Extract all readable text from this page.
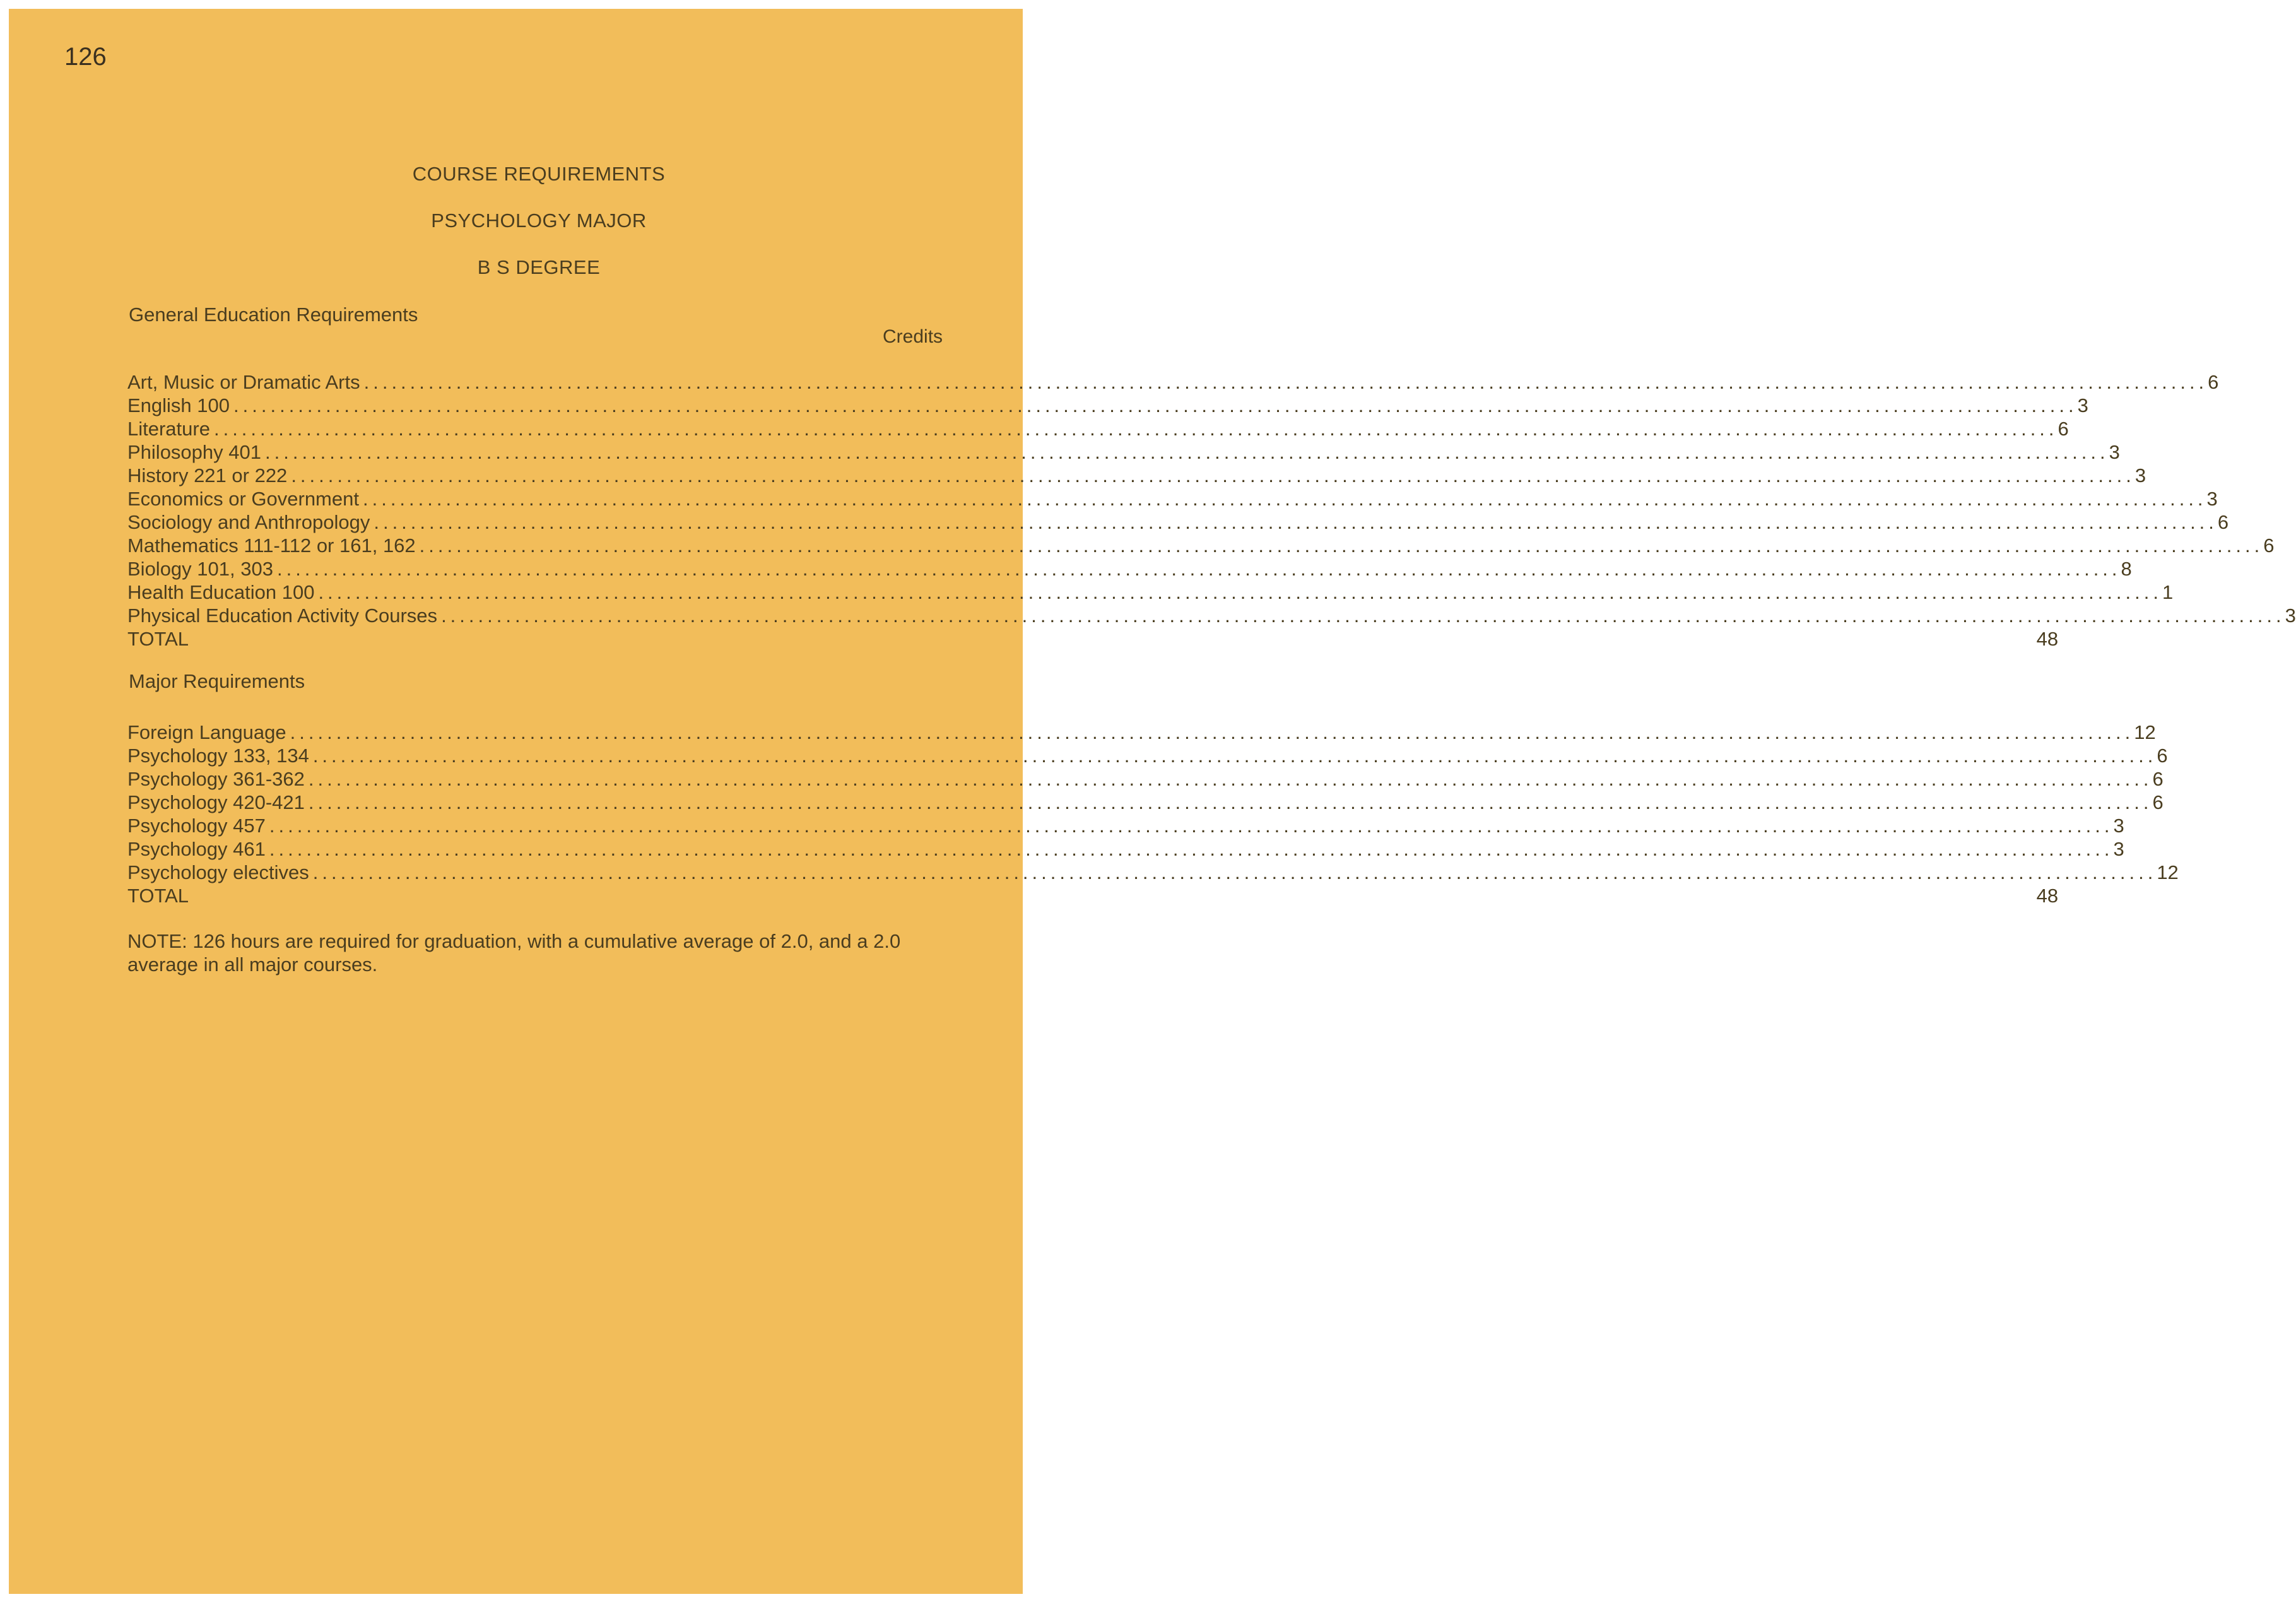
126
COURSE REQUIREMENTS
PSYCHOLOGY MAJOR
B S DEGREE
General Education Requirements
Credits
Art, Music or Dramatic Arts ........................................................................................................................................................................................................ 6
English 100 ........................................................................................................................................................................................................ 3
Literature ........................................................................................................................................................................................................ 6
Philosophy 401 ........................................................................................................................................................................................................ 3
History 221 or 222 ........................................................................................................................................................................................................ 3
Economics or Government ........................................................................................................................................................................................................ 3
Sociology and Anthropology ........................................................................................................................................................................................................ 6
Mathematics 111-112 or 161, 162 ........................................................................................................................................................................................................ 6
Biology 101, 303 ........................................................................................................................................................................................................ 8
Health Education 100 ........................................................................................................................................................................................................ 1
Physical Education Activity Courses ........................................................................................................................................................................................................ 3
TOTAL	48
Major Requirements
Foreign Language ........................................................................................................................................................................................................ 12
Psychology 133, 134 ........................................................................................................................................................................................................ 6
Psychology 361-362 ........................................................................................................................................................................................................ 6
Psychology 420-421 ........................................................................................................................................................................................................ 6
Psychology 457 ........................................................................................................................................................................................................ 3
Psychology 461 ........................................................................................................................................................................................................ 3
Psychology electives ........................................................................................................................................................................................................ 12
TOTAL	48
NOTE: 126 hours are required for graduation, with a cumulative average of 2.0, and a 2.0 average in all major courses.
